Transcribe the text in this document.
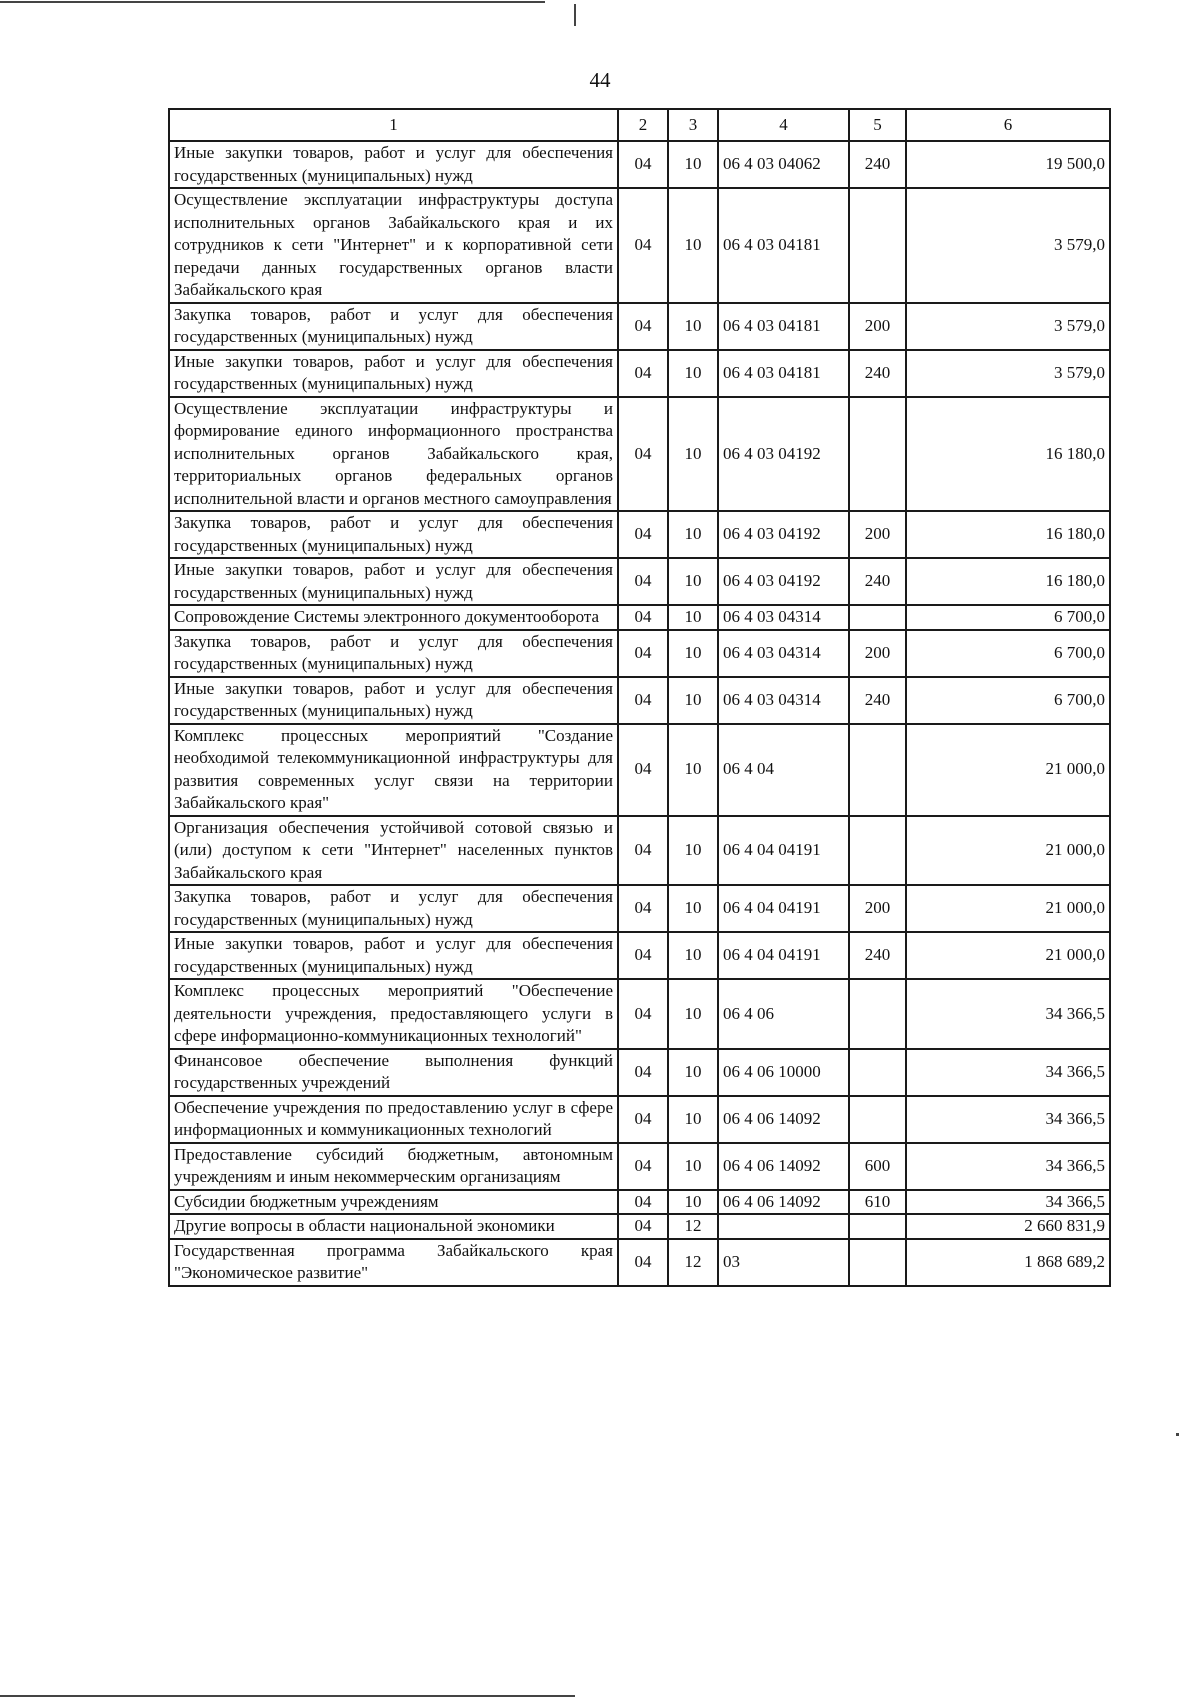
44
1	2	3	4	5	6
Иные закупки товаров, работ и услуг для обеспечения государственных (муниципальных) нужд	04	10	06 4 03 04062	240	19 500,0
Осуществление эксплуатации инфраструктуры доступа исполнительных органов Забайкальского края и их сотрудников к сети "Интернет" и к корпоративной сети передачи данных государственных органов власти Забайкальского края	04	10	06 4 03 04181		3 579,0
Закупка товаров, работ и услуг для обеспечения государственных (муниципальных) нужд	04	10	06 4 03 04181	200	3 579,0
Иные закупки товаров, работ и услуг для обеспечения государственных (муниципальных) нужд	04	10	06 4 03 04181	240	3 579,0
Осуществление эксплуатации инфраструктуры и формирование единого информационного пространства исполнительных органов Забайкальского края, территориальных органов федеральных органов исполнительной власти и органов местного самоуправления	04	10	06 4 03 04192		16 180,0
Закупка товаров, работ и услуг для обеспечения государственных (муниципальных) нужд	04	10	06 4 03 04192	200	16 180,0
Иные закупки товаров, работ и услуг для обеспечения государственных (муниципальных) нужд	04	10	06 4 03 04192	240	16 180,0
Сопровождение Системы электронного документооборота	04	10	06 4 03 04314		6 700,0
Закупка товаров, работ и услуг для обеспечения государственных (муниципальных) нужд	04	10	06 4 03 04314	200	6 700,0
Иные закупки товаров, работ и услуг для обеспечения государственных (муниципальных) нужд	04	10	06 4 03 04314	240	6 700,0
Комплекс процессных мероприятий "Создание необходимой телекоммуникационной инфраструктуры для развития современных услуг связи на территории Забайкальского края"	04	10	06 4 04		21 000,0
Организация обеспечения устойчивой сотовой связью и (или) доступом к сети "Интернет" населенных пунктов Забайкальского края	04	10	06 4 04 04191		21 000,0
Закупка товаров, работ и услуг для обеспечения государственных (муниципальных) нужд	04	10	06 4 04 04191	200	21 000,0
Иные закупки товаров, работ и услуг для обеспечения государственных (муниципальных) нужд	04	10	06 4 04 04191	240	21 000,0
Комплекс процессных мероприятий "Обеспечение деятельности учреждения, предоставляющего услуги в сфере информационно-коммуникационных технологий"	04	10	06 4 06		34 366,5
Финансовое обеспечение выполнения функций государственных учреждений	04	10	06 4 06 10000		34 366,5
Обеспечение учреждения по предоставлению услуг в сфере информационных и коммуникационных технологий	04	10	06 4 06 14092		34 366,5
Предоставление субсидий бюджетным, автономным учреждениям и иным некоммерческим организациям	04	10	06 4 06 14092	600	34 366,5
Субсидии бюджетным учреждениям	04	10	06 4 06 14092	610	34 366,5
Другие вопросы в области национальной экономики	04	12			2 660 831,9
Государственная программа Забайкальского края "Экономическое развитие"	04	12	03		1 868 689,2
